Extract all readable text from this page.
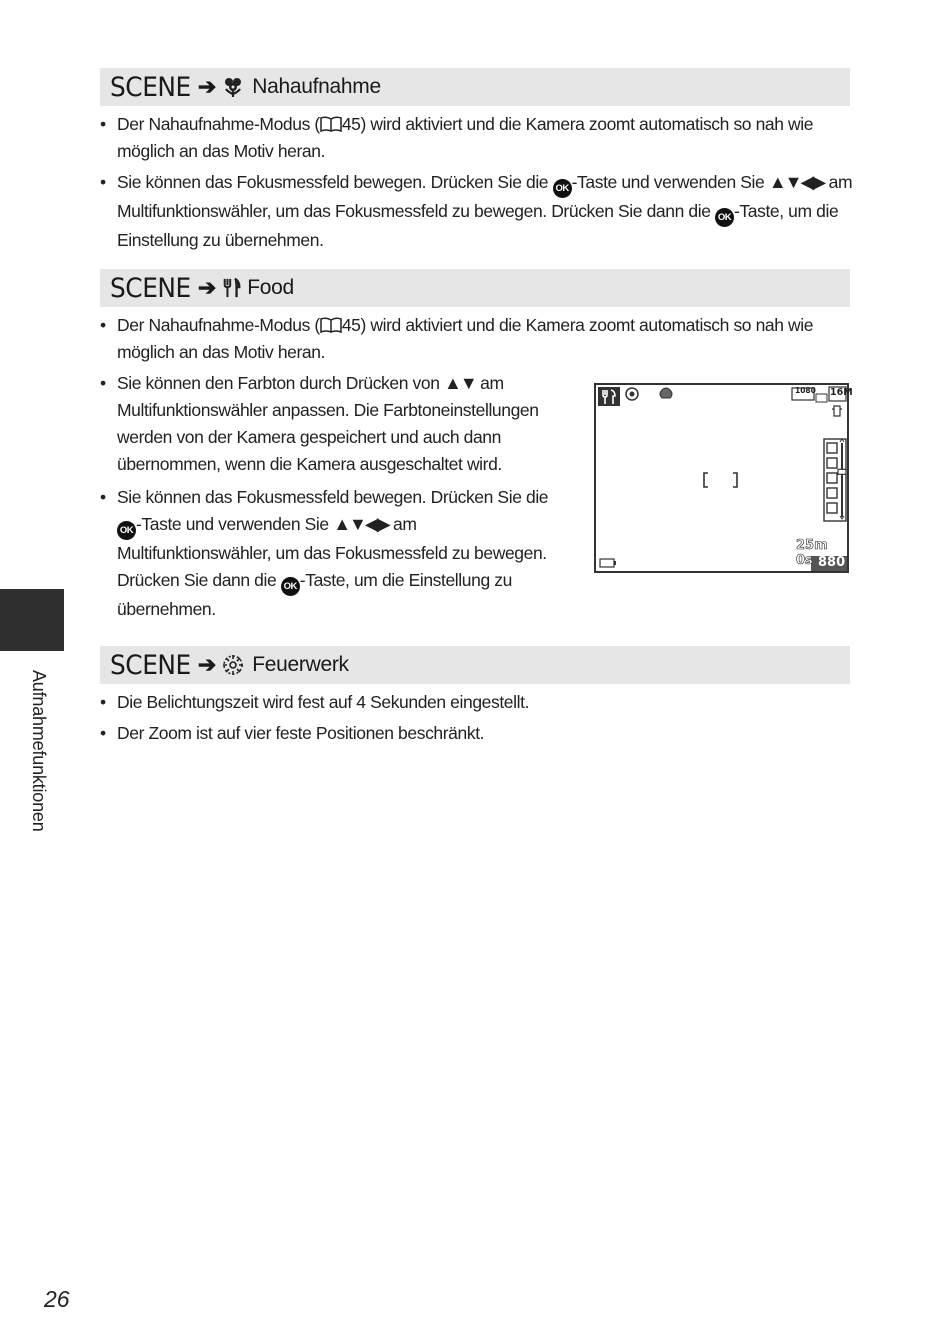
SCENE ➔ Nahaufnahme
• Der Nahaufnahme-Modus ( 45) wird aktiviert und die Kamera zoomt automatisch so nah wie
möglich an das Motiv heran.
• Sie können das Fokusmessfeld bewegen. Drücken Sie die OK -Taste und verwenden Sie ▲▼◀▶ am
Multifunktionswähler, um das Fokusmessfeld zu bewegen. Drücken Sie dann die OK -Taste, um die
Einstellung zu übernehmen.
SCENE ➔ Food
• Der Nahaufnahme-Modus ( 45) wird aktiviert und die Kamera zoomt automatisch so nah wie
möglich an das Motiv heran.
• Sie können den Farbton durch Drücken von ▲▼ am
Multifunktionswähler anpassen. Die Farbtoneinstellungen
werden von der Kamera gespeichert und auch dann
übernommen, wenn die Kamera ausgeschaltet wird.
• Sie können das Fokusmessfeld bewegen. Drücken Sie die
OK -Taste und verwenden Sie ▲▼◀▶ am
Multifunktionswähler, um das Fokusmessfeld zu bewegen.
Drücken Sie dann die OK -Taste, um die Einstellung zu
übernehmen.
1080 16M
25m 0s 880
SCENE ➔ Feuerwerk
• Die Belichtungszeit wird fest auf 4 Sekunden eingestellt.
• Der Zoom ist auf vier feste Positionen beschränkt.
Aufnahmefunktionen
26
